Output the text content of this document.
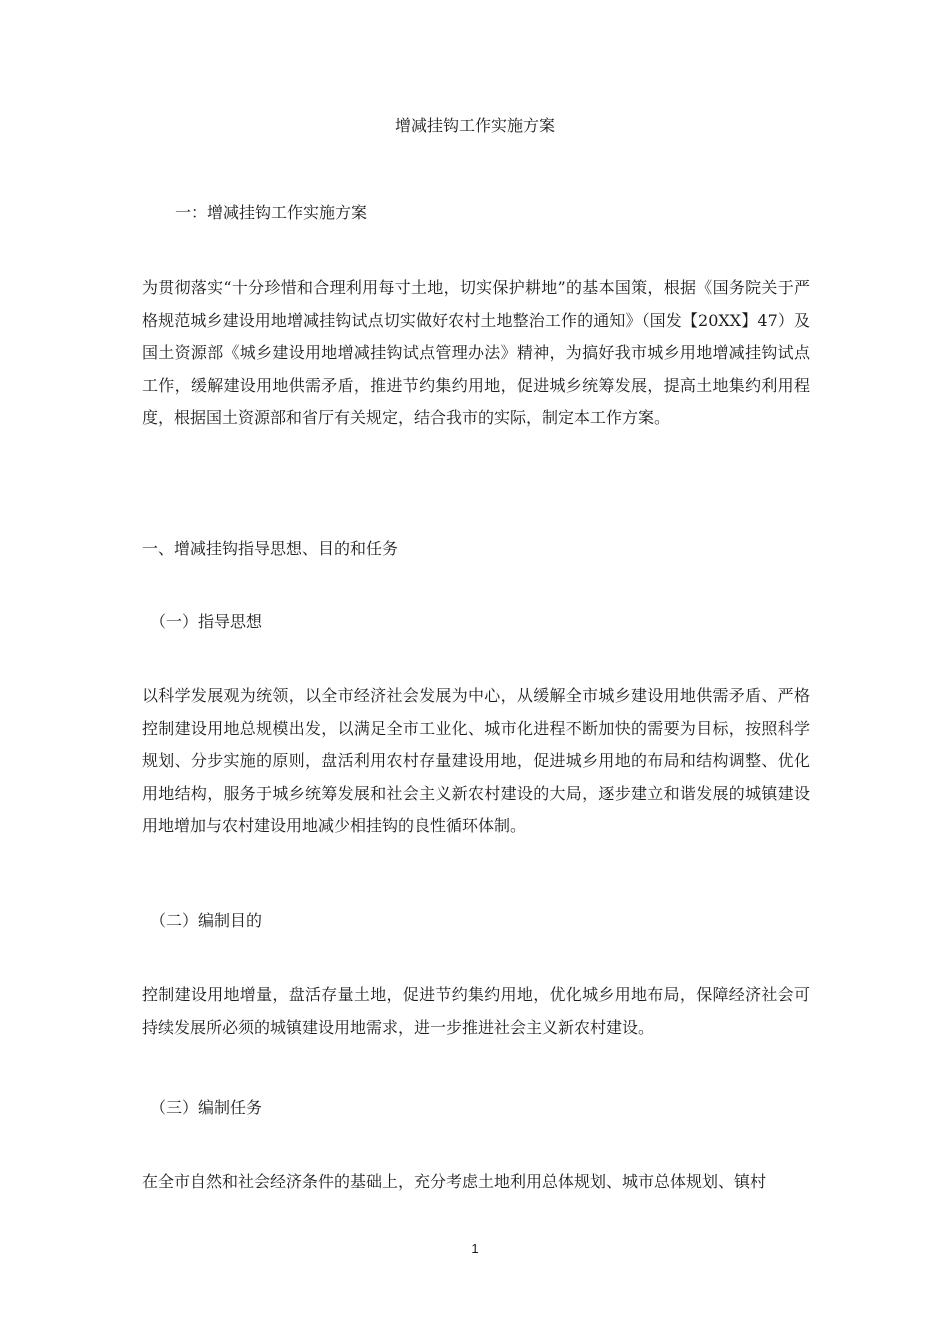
增减挂钩工作实施方案
一：增减挂钩工作实施方案

为贯彻落实“十分珍惜和合理利用每寸土地，切实保护耕地”的基本国策，根据《国务院关于严格规范城乡建设用地增减挂钩试点切实做好农村土地整治工作的通知》（国发【20XX】47）及国土资源部《城乡建设用地增减挂钩试点管理办法》精神，为搞好我市城乡用地增减挂钩试点工作，缓解建设用地供需矛盾，推进节约集约用地，促进城乡统筹发展，提高土地集约利用程度，根据国土资源部和省厅有关规定，结合我市的实际，制定本工作方案。

一、增减挂钩指导思想、目的和任务
（一）指导思想

以科学发展观为统领，以全市经济社会发展为中心，从缓解全市城乡建设用地供需矛盾、严格控制建设用地总规模出发，以满足全市工业化、城市化进程不断加快的需要为目标，按照科学规划、分步实施的原则，盘活利用农村存量建设用地，促进城乡用地的布局和结构调整、优化用地结构，服务于城乡统筹发展和社会主义新农村建设的大局，逐步建立和谐发展的城镇建设用地增加与农村建设用地减少相挂钩的良性循环体制。

（二）编制目的

控制建设用地增量，盘活存量土地，促进节约集约用地，优化城乡用地布局，保障经济社会可持续发展所必须的城镇建设用地需求，进一步推进社会主义新农村建设。

（三）编制任务

在全市自然和社会经济条件的基础上，充分考虑土地利用总体规划、城市总体规划、镇村

1
